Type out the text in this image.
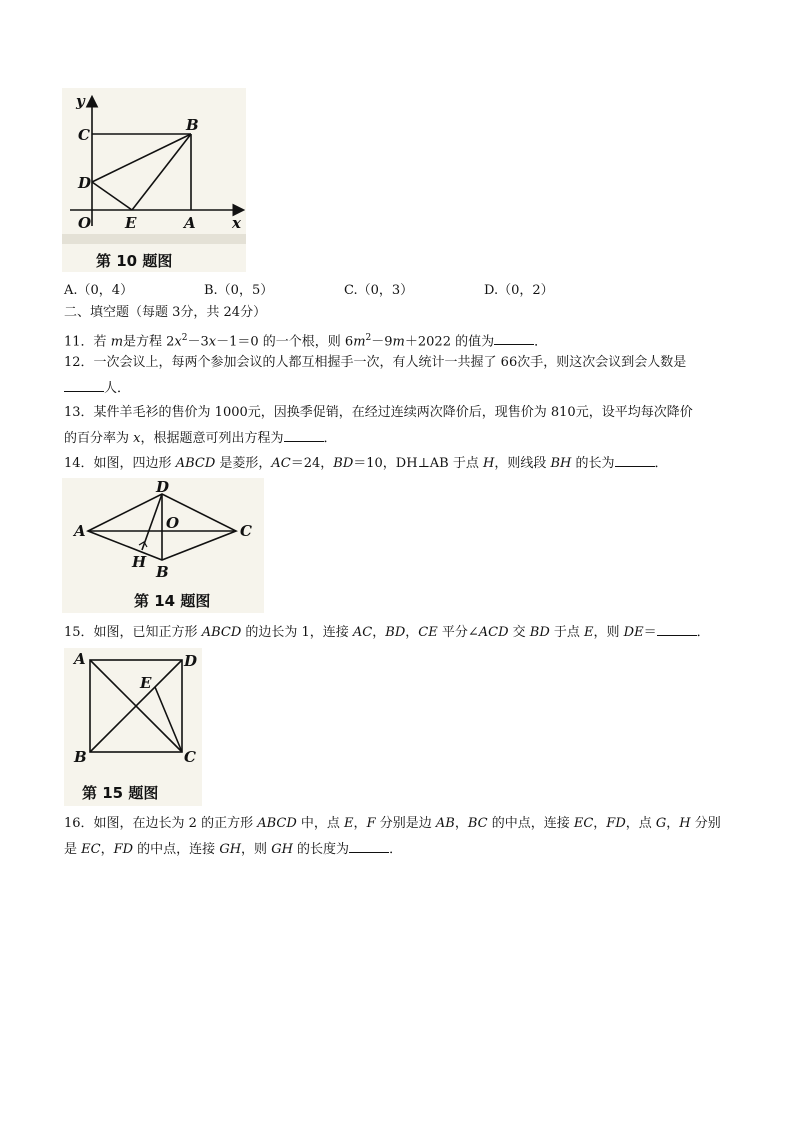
y
x
C
B
D
O E	A
第 10 题图
A.（0，4）	B.（0，5）	C.（0，3）	D.（0，2）
二、填空题（每题 3分，共 24分）
11．若 m是方程 $2x^2-3x-1=0$ 的一个根，则 $6m^2-9m+2022$ 的值为	．
12．一次会议上，每两个参加会议的人都互相握手一次，有人统计一共握了 66次手，则这次会议到会人数是
人．
13．某件羊毛衫的售价为 1000元，因换季促销，在经过连续两次降价后，现售价为 810元，设平均每次降价
的百分率为 x，根据题意可列出方程为	．
14．如图，四边形 ABCD 是菱形，AC＝24，BD＝10，DH⊥AB 于点 H，则线段 BH 的长为	．
D
O
A	C
H
B
第 14 题图
15．如图，已知正方形 ABCD 的边长为 1，连接 AC，BD，CE 平分∠ACD 交 BD 于点 E，则 DE＝	．
A	D
E
B	C
第 15 题图
16．如图，在边长为 2 的正方形 ABCD 中，点 E，F 分别是边 AB，BC 的中点，连接 EC，FD，点 G，H 分别
是 EC，FD 的中点，连接 GH，则 GH 的长度为	．
